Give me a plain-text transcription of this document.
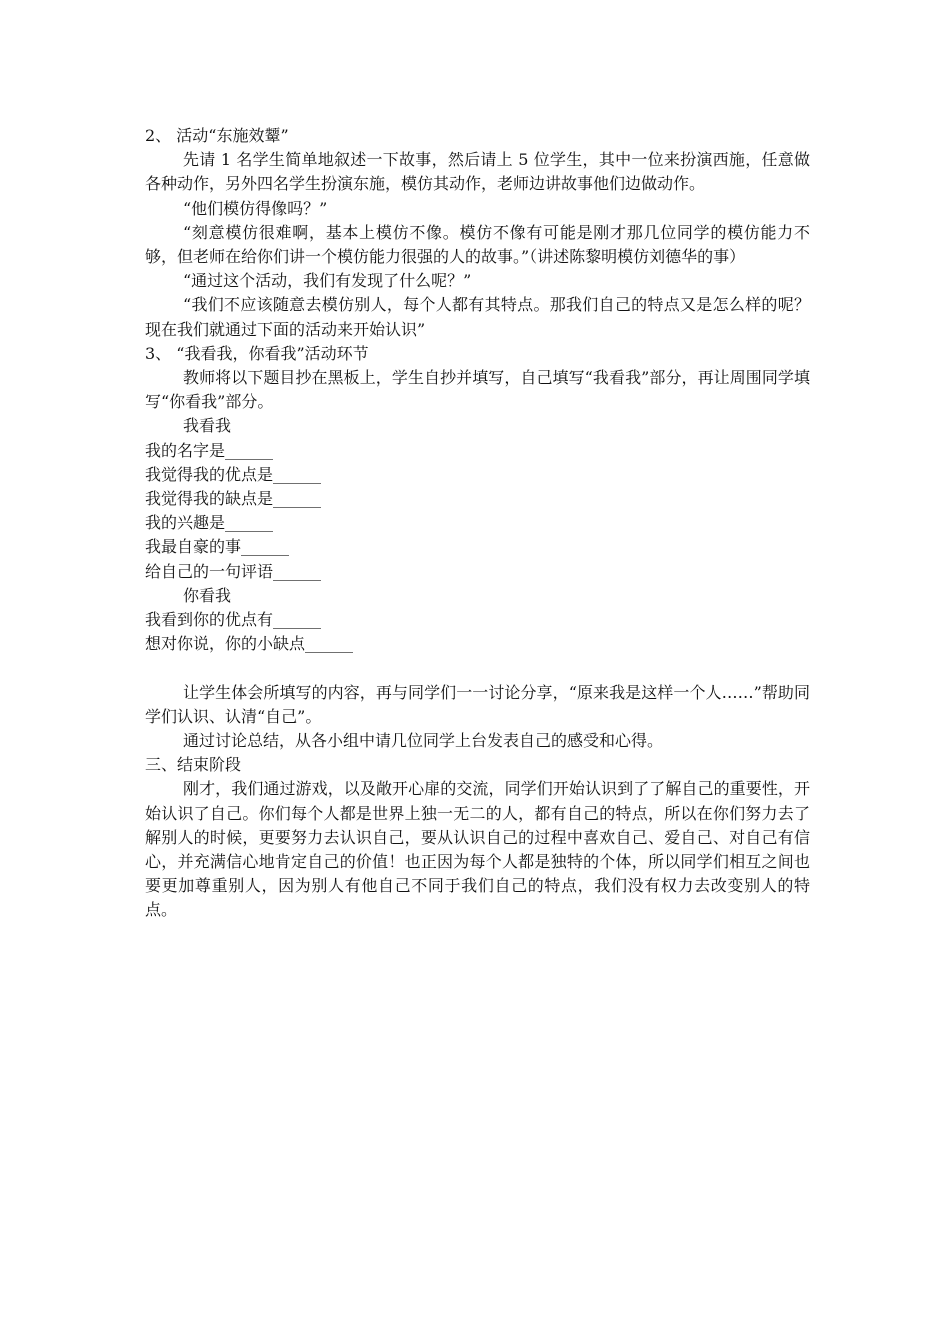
2、 活动“东施效颦”
先请 1 名学生简单地叙述一下故事，然后请上 5 位学生，其中一位来扮演西施，任意做各种动作，另外四名学生扮演东施，模仿其动作，老师边讲故事他们边做动作。
“他们模仿得像吗？”
“刻意模仿很难啊，基本上模仿不像。模仿不像有可能是刚才那几位同学的模仿能力不够，但老师在给你们讲一个模仿能力很强的人的故事。”（讲述陈黎明模仿刘德华的事）
“通过这个活动，我们有发现了什么呢？”
“我们不应该随意去模仿别人，每个人都有其特点。那我们自己的特点又是怎么样的呢？现在我们就通过下面的活动来开始认识”
3、 “我看我，你看我”活动环节
教师将以下题目抄在黑板上，学生自抄并填写，自己填写“我看我”部分，再让周围同学填写“你看我”部分。
我看我
我的名字是______
我觉得我的优点是______
我觉得我的缺点是______
我的兴趣是______
我最自豪的事______
给自己的一句评语______
你看我
我看到你的优点有______
想对你说，你的小缺点______
让学生体会所填写的内容，再与同学们一一讨论分享，“原来我是这样一个人……”帮助同学们认识、认清“自己”。
通过讨论总结，从各小组中请几位同学上台发表自己的感受和心得。
三、结束阶段
刚才，我们通过游戏，以及敞开心扉的交流，同学们开始认识到了了解自己的重要性，开始认识了自己。你们每个人都是世界上独一无二的人，都有自己的特点，所以在你们努力去了解别人的时候，更要努力去认识自己，要从认识自己的过程中喜欢自己、爱自己、对自己有信心，并充满信心地肯定自己的价值！也正因为每个人都是独特的个体，所以同学们相互之间也要更加尊重别人，因为别人有他自己不同于我们自己的特点，我们没有权力去改变别人的特点。
